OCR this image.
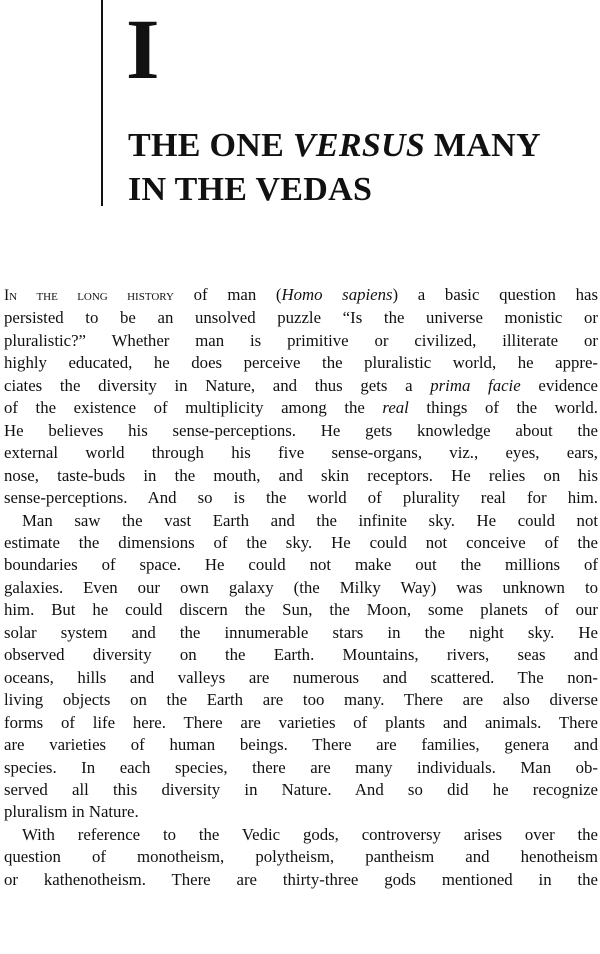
I
THE ONE VERSUS MANY
IN THE VEDAS

In the long history of man (Homo sapiens) a basic question has
persisted to be an unsolved puzzle “Is the universe monistic or
pluralistic?” Whether man is primitive or civilized, illiterate or
highly educated, he does perceive the pluralistic world, he appre-
ciates the diversity in Nature, and thus gets a prima facie evidence
of the existence of multiplicity among the real things of the world.
He believes his sense-perceptions. He gets knowledge about the
external world through his five sense-organs, viz., eyes, ears,
nose, taste-buds in the mouth, and skin receptors. He relies on his
sense-perceptions. And so is the world of plurality real for him.

Man saw the vast Earth and the infinite sky. He could not
estimate the dimensions of the sky. He could not conceive of the
boundaries of space. He could not make out the millions of
galaxies. Even our own galaxy (the Milky Way) was unknown to
him. But he could discern the Sun, the Moon, some planets of our
solar system and the innumerable stars in the night sky. He
observed diversity on the Earth. Mountains, rivers, seas and
oceans, hills and valleys are numerous and scattered. The non-
living objects on the Earth are too many. There are also diverse
forms of life here. There are varieties of plants and animals. There
are varieties of human beings. There are families, genera and
species. In each species, there are many individuals. Man ob-
served all this diversity in Nature. And so did he recognize
pluralism in Nature.

With reference to the Vedic gods, controversy arises over the
question of monotheism, polytheism, pantheism and henotheism
or kathenotheism. There are thirty-three gods mentioned in the
